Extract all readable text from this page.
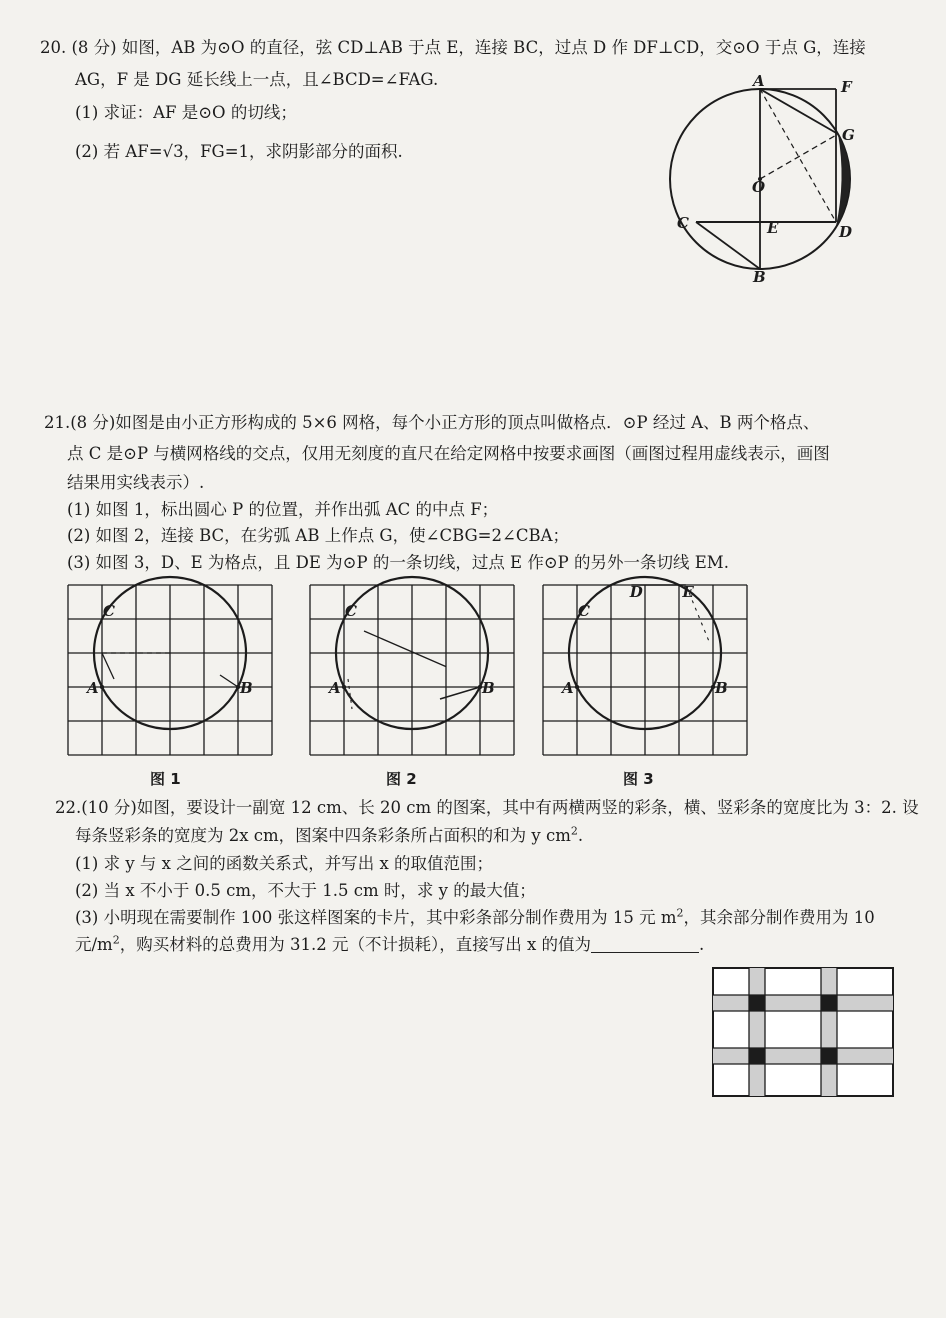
20. (8 分) 如图，AB 为⊙O 的直径，弦 CD⊥AB 于点 E，连接 BC，过点 D 作 DF⊥CD，交⊙O 于点 G，连接
AG，F 是 DG 延长线上一点，且∠BCD=∠FAG.
(1) 求证：AF 是⊙O 的切线；
(2) 若 AF=√3，FG=1，求阴影部分的面积.
A	F
G
O
C	E	D
B
21.(8 分)如图是由小正方形构成的 5×6 网格，每个小正方形的顶点叫做格点．⊙P 经过 A、B 两个格点、
点 C 是⊙P 与横网格线的交点，仅用无刻度的直尺在给定网格中按要求画图（画图过程用虚线表示，画图
结果用实线表示）.
(1) 如图 1，标出圆心 P 的位置，并作出弧 AC 的中点 F；
(2) 如图 2，连接 BC，在劣弧 AB 上作点 G，使∠CBG=2∠CBA；
(3) 如图 3，D、E 为格点，且 DE 为⊙P 的一条切线，过点 E 作⊙P 的另外一条切线 EM.
A	B
C
A	B
C
A	B
C
D	E
图 1	图 2	图 3
22.(10 分)如图，要设计一副宽 12 cm、长 20 cm 的图案，其中有两横两竖的彩条，横、竖彩条的宽度比为 3：2. 设
每条竖彩条的宽度为 2x cm，图案中四条彩条所占面积的和为 y $cm^2$.
(1) 求 y 与 x 之间的函数关系式，并写出 x 的取值范围；
(2) 当 x 不小于 0.5 cm，不大于 1.5 cm 时，求 y 的最大值；
(3) 小明现在需要制作 100 张这样图案的卡片，其中彩条部分制作费用为 15 元 $m^2$，其余部分制作费用为 10
元$/m^2$，购买材料的总费用为 31.2 元（不计损耗），直接写出 x 的值为	.
